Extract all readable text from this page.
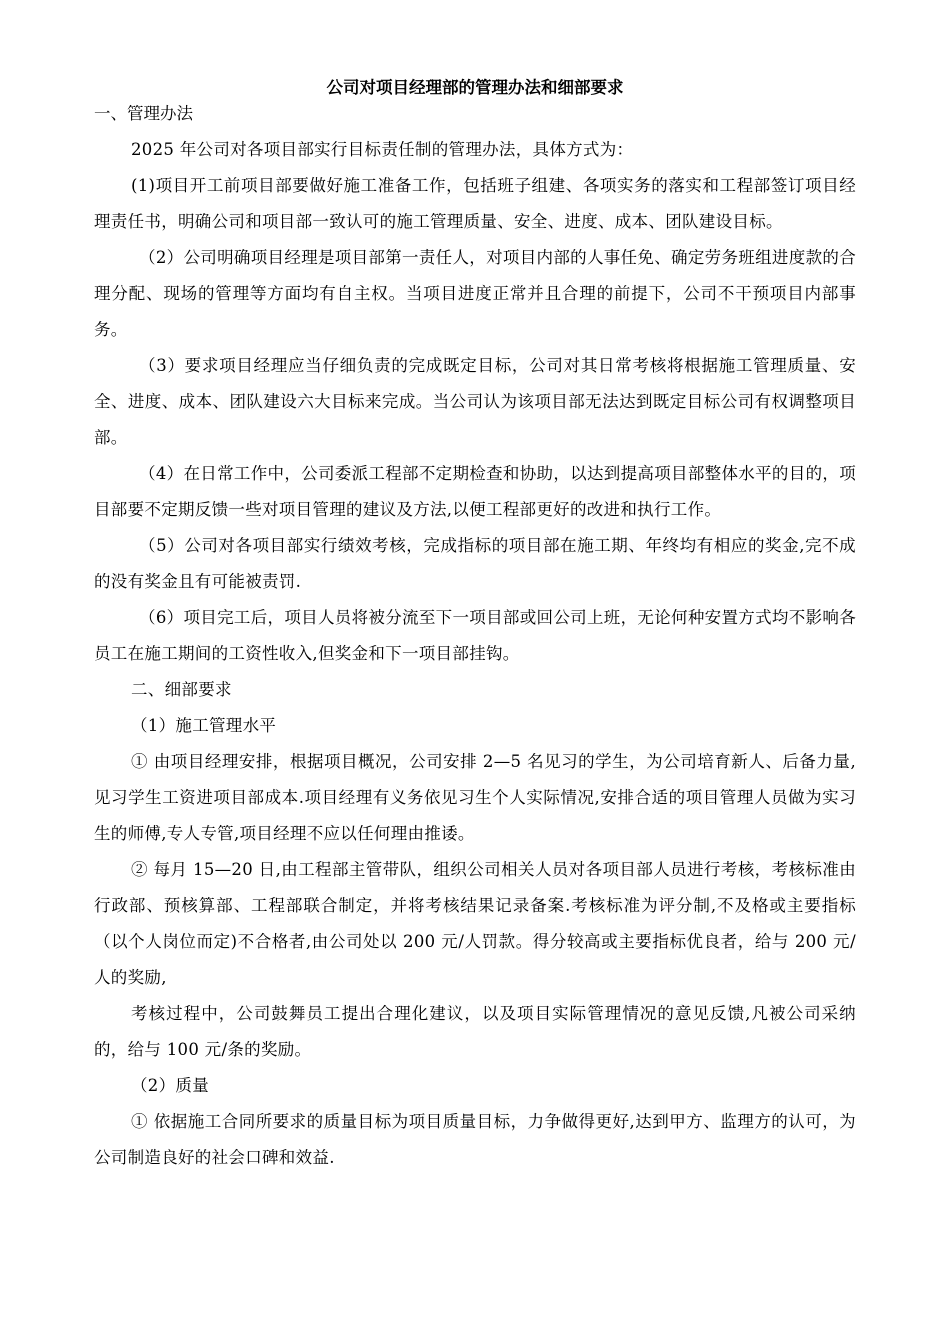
公司对项目经理部的管理办法和细部要求

一、管理办法

2025 年公司对各项目部实行目标责任制的管理办法，具体方式为：

(1)项目开工前项目部要做好施工准备工作，包括班子组建、各项实务的落实和工程部签订项目经理责任书，明确公司和项目部一致认可的施工管理质量、安全、进度、成本、团队建设目标。

（2）公司明确项目经理是项目部第一责任人，对项目内部的人事任免、确定劳务班组进度款的合理分配、现场的管理等方面均有自主权。当项目进度正常并且合理的前提下，公司不干预项目内部事务。

（3）要求项目经理应当仔细负责的完成既定目标，公司对其日常考核将根据施工管理质量、安全、进度、成本、团队建设六大目标来完成。当公司认为该项目部无法达到既定目标公司有权调整项目部。

（4）在日常工作中，公司委派工程部不定期检查和协助，以达到提高项目部整体水平的目的，项目部要不定期反馈一些对项目管理的建议及方法,以便工程部更好的改进和执行工作。

（5）公司对各项目部实行绩效考核，完成指标的项目部在施工期、年终均有相应的奖金,完不成的没有奖金且有可能被责罚.

（6）项目完工后，项目人员将被分流至下一项目部或回公司上班，无论何种安置方式均不影响各员工在施工期间的工资性收入,但奖金和下一项目部挂钩。

二、细部要求

（1）施工管理水平

① 由项目经理安排，根据项目概况，公司安排 2—5 名见习的学生，为公司培育新人、后备力量,见习学生工资进项目部成本.项目经理有义务依见习生个人实际情况,安排合适的项目管理人员做为实习生的师傅,专人专管,项目经理不应以任何理由推诿。

② 每月 15—20 日,由工程部主管带队，组织公司相关人员对各项目部人员进行考核，考核标准由行政部、预核算部、工程部联合制定，并将考核结果记录备案.考核标准为评分制,不及格或主要指标（以个人岗位而定)不合格者,由公司处以 200 元/人罚款。得分较高或主要指标优良者，给与 200 元/人的奖励,

考核过程中，公司鼓舞员工提出合理化建议，以及项目实际管理情况的意见反馈,凡被公司采纳的，给与 100 元/条的奖励。

（2）质量

① 依据施工合同所要求的质量目标为项目质量目标，力争做得更好,达到甲方、监理方的认可，为公司制造良好的社会口碑和效益.
